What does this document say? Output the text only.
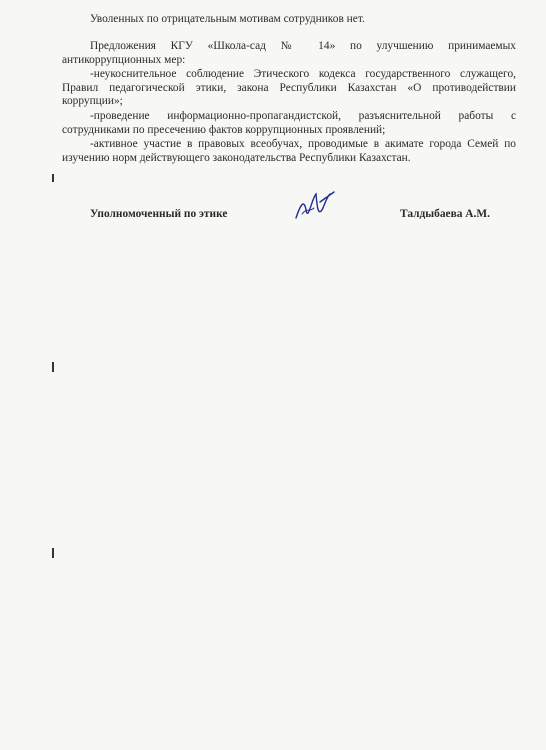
Уволенных по отрицательным мотивам сотрудников нет.

Предложения КГУ «Школа-сад № 14» по улучшению принимаемых антикоррупционных мер:

-неукоснительное соблюдение Этического кодекса государственного служащего, Правил педагогической этики, закона Республики Казахстан «О противодействии коррупции»;

-проведение информационно-пропагандистской, разъяснительной работы с сотрудниками по пресечению фактов коррупционных проявлений;

-активное участие в правовых всеобучах, проводимые в акимате города Семей по изучению норм действующего законодательства Республики Казахстан.

Уполномоченный по этике	Талдыбаева А.М.
